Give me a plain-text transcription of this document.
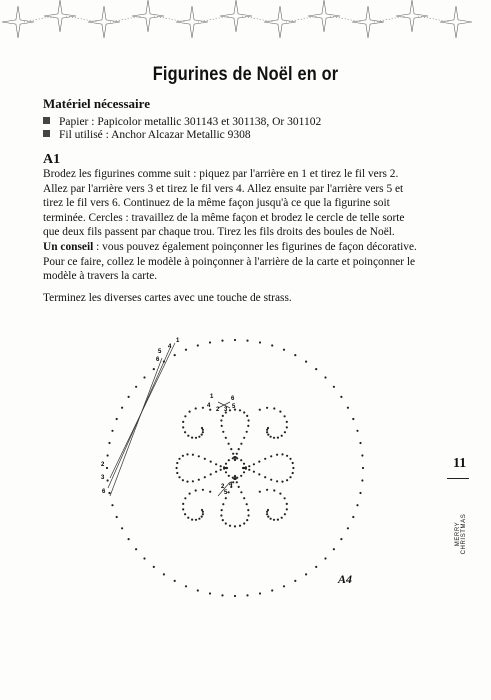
Figurines de Noël en or
Matériel nécessaire
Papier : Papicolor metallic 301143 et 301138, Or 301102
Fil utilisé : Anchor Alcazar Metallic 9308
A1
Brodez les figurines comme suit : piquez par l'arrière en 1 et tirez le fil vers 2. Allez par l'arrière vers 3 et tirez le fil vers 4. Allez ensuite par l'arrière vers 5 et tirez le fil vers 6. Continuez de la même façon jusqu'à ce que la figurine soit terminée. Cercles : travaillez de la même façon et brodez le cercle de telle sorte que deux fils passent par chaque trou. Tirez les fils droits des boules de Noël.
Un conseil : vous pouvez également poinçonner les figurines de façon décorative. Pour ce faire, collez le modèle à poinçonner à l'arrière de la carte et poinçonner le modèle à travers la carte.
Terminez les diverses cartes avec une touche de strass.
1
4
5
6
2
3
6
1	6
4	5
2 3
2 4
5
A4
11
MERRY CHRISTMAS
